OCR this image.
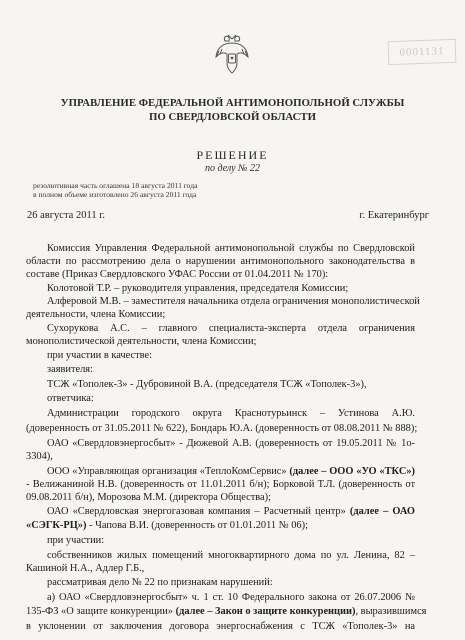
0001131
УПРАВЛЕНИЕ ФЕДЕРАЛЬНОЙ АНТИМОНОПОЛЬНОЙ СЛУЖБЫ
ПО СВЕРДЛОВСКОЙ ОБЛАСТИ
РЕШЕНИЕ
по делу № 22
резолютивная часть оглашена 18 августа 2011 года
в полном объеме изготовлено 26 августа 2011 года
26 августа 2011 г.	г. Екатеринбург
Комиссия Управления Федеральной антимонопольной службы по Свердловской
области по рассмотрению дела о нарушении антимонопольного законодательства в
составе (Приказ Свердловского УФАС России от 01.04.2011 № 170):
Колотовой Т.Р. – руководителя управления, председателя Комиссии;
Алферовой М.В. – заместителя начальника отдела ограничения монополистической
деятельности, члена Комиссии;
Сухорукова А.С. – главного специалиста-эксперта отдела ограничения
монополистической деятельности, члена Комиссии;
при участии в качестве:
заявителя:
ТСЖ «Тополек-3» - Дубровиной В.А. (председателя ТСЖ «Тополек-3»),
ответчика:
Администрации городского округа Краснотурьинск – Устинова А.Ю.
(доверенность от 31.05.2011 № 622), Бондарь Ю.А. (доверенность от 08.08.2011 № 888);
ОАО «Свердловэнергосбыт» - Дюжевой А.В. (доверенность от 19.05.2011 № 1о-
3304),
ООО «Управляющая организация «ТеплоКомСервис» (далее – ООО «УО «ТКС»)
- Велижаниной Н.В. (доверенность от 11.01.2011 б/н); Борковой Т.Л. (доверенность от
09.08.2011 б/н), Морозова М.М. (директора Общества);
ОАО «Свердловская энергогазовая компания – Расчетный центр» (далее – ОАО
«СЭГК-РЦ») - Чапова В.И. (доверенность от 01.01.2011 № 06);
при участии:
собственников жилых помещений многоквартирного дома по ул. Ленина, 82 –
Кашиной Н.А., Адлер Г.Б.,
рассматривая дело № 22 по признакам нарушений:
а) ОАО «Свердловэнергосбыт» ч. 1 ст. 10 Федерального закона от 26.07.2006 №
135-ФЗ «О защите конкуренции» (далее – Закон о защите конкуренции), выразившимся
в уклонении от заключения договора энергоснабжения с ТСЖ «Тополек-3» на
